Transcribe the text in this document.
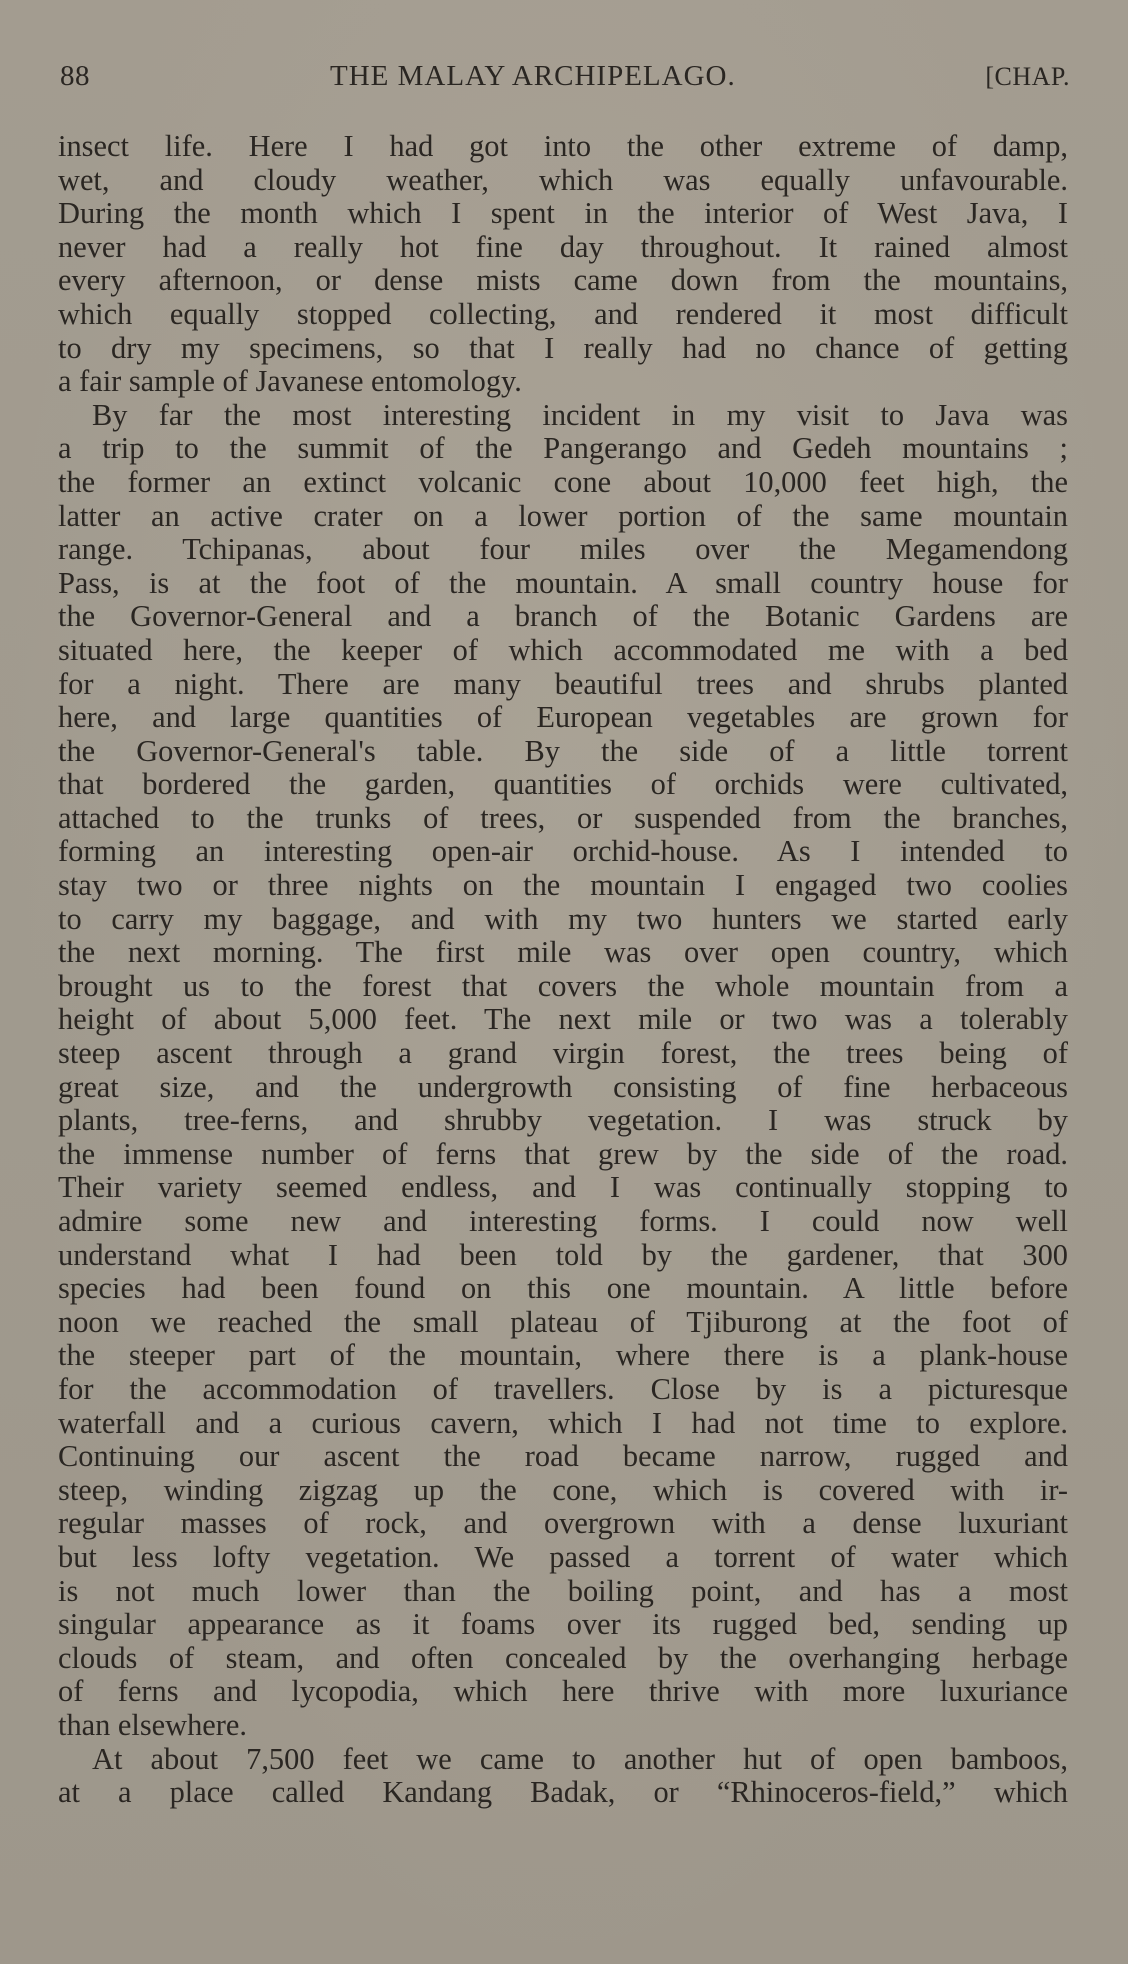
88	THE MALAY ARCHIPELAGO.	[CHAP.
insect life. Here I had got into the other extreme of damp,
wet, and cloudy weather, which was equally unfavourable.
During the month which I spent in the interior of West Java, I
never had a really hot fine day throughout. It rained almost
every afternoon, or dense mists came down from the mountains,
which equally stopped collecting, and rendered it most difficult
to dry my specimens, so that I really had no chance of getting
a fair sample of Javanese entomology.
By far the most interesting incident in my visit to Java was
a trip to the summit of the Pangerango and Gedeh mountains ;
the former an extinct volcanic cone about 10,000 feet high, the
latter an active crater on a lower portion of the same mountain
range. Tchipanas, about four miles over the Megamendong
Pass, is at the foot of the mountain. A small country house for
the Governor-General and a branch of the Botanic Gardens are
situated here, the keeper of which accommodated me with a bed
for a night. There are many beautiful trees and shrubs planted
here, and large quantities of European vegetables are grown for
the Governor-General's table. By the side of a little torrent
that bordered the garden, quantities of orchids were cultivated,
attached to the trunks of trees, or suspended from the branches,
forming an interesting open-air orchid-house. As I intended to
stay two or three nights on the mountain I engaged two coolies
to carry my baggage, and with my two hunters we started early
the next morning. The first mile was over open country, which
brought us to the forest that covers the whole mountain from a
height of about 5,000 feet. The next mile or two was a tolerably
steep ascent through a grand virgin forest, the trees being of
great size, and the undergrowth consisting of fine herbaceous
plants, tree-ferns, and shrubby vegetation. I was struck by
the immense number of ferns that grew by the side of the road.
Their variety seemed endless, and I was continually stopping to
admire some new and interesting forms. I could now well
understand what I had been told by the gardener, that 300
species had been found on this one mountain. A little before
noon we reached the small plateau of Tjiburong at the foot of
the steeper part of the mountain, where there is a plank-house
for the accommodation of travellers. Close by is a picturesque
waterfall and a curious cavern, which I had not time to explore.
Continuing our ascent the road became narrow, rugged and
steep, winding zigzag up the cone, which is covered with ir-
regular masses of rock, and overgrown with a dense luxuriant
but less lofty vegetation. We passed a torrent of water which
is not much lower than the boiling point, and has a most
singular appearance as it foams over its rugged bed, sending up
clouds of steam, and often concealed by the overhanging herbage
of ferns and lycopodia, which here thrive with more luxuriance
than elsewhere.
At about 7,500 feet we came to another hut of open bamboos,
at a place called Kandang Badak, or “Rhinoceros-field,” which
